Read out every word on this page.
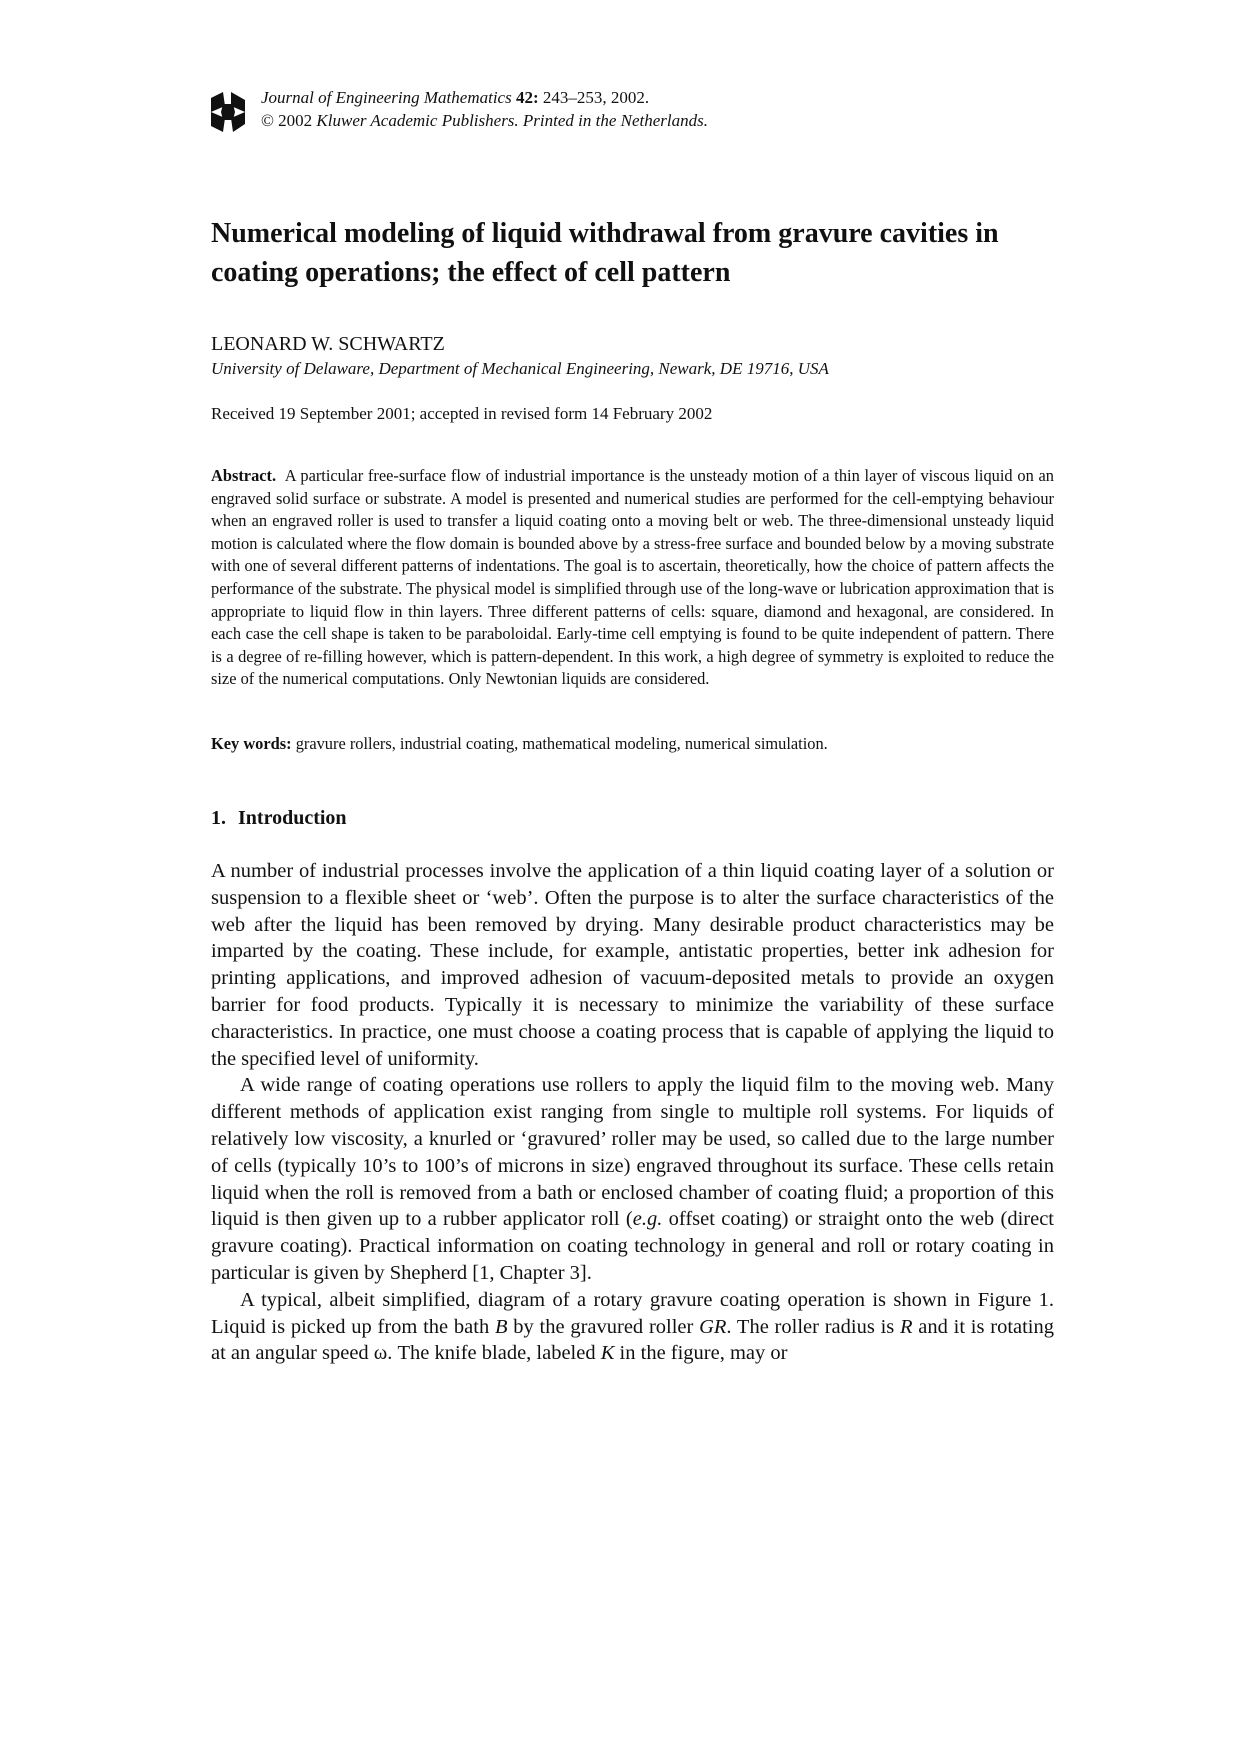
Journal of Engineering Mathematics 42: 243–253, 2002.
© 2002 Kluwer Academic Publishers. Printed in the Netherlands.
Numerical modeling of liquid withdrawal from gravure cavities in coating operations; the effect of cell pattern
LEONARD W. SCHWARTZ
University of Delaware, Department of Mechanical Engineering, Newark, DE 19716, USA
Received 19 September 2001; accepted in revised form 14 February 2002

Abstract. A particular free-surface flow of industrial importance is the unsteady motion of a thin layer of viscous liquid on an engraved solid surface or substrate. A model is presented and numerical studies are performed for the cell-emptying behaviour when an engraved roller is used to transfer a liquid coating onto a moving belt or web. The three-dimensional unsteady liquid motion is calculated where the flow domain is bounded above by a stress-free surface and bounded below by a moving substrate with one of several different patterns of indentations. The goal is to ascertain, theoretically, how the choice of pattern affects the performance of the substrate. The physical model is simplified through use of the long-wave or lubrication approximation that is appropriate to liquid flow in thin layers. Three different patterns of cells: square, diamond and hexagonal, are considered. In each case the cell shape is taken to be paraboloidal. Early-time cell emptying is found to be quite independent of pattern. There is a degree of re-filling however, which is pattern-dependent. In this work, a high degree of symmetry is exploited to reduce the size of the numerical computations. Only Newtonian liquids are considered.

Key words: gravure rollers, industrial coating, mathematical modeling, numerical simulation.
1. Introduction

A number of industrial processes involve the application of a thin liquid coating layer of a solution or suspension to a flexible sheet or ‘web’. Often the purpose is to alter the surface characteristics of the web after the liquid has been removed by drying. Many desirable product characteristics may be imparted by the coating. These include, for example, antistatic properties, better ink adhesion for printing applications, and improved adhesion of vacuum-deposited metals to provide an oxygen barrier for food products. Typically it is necessary to minimize the variability of these surface characteristics. In practice, one must choose a coating process that is capable of applying the liquid to the specified level of uniformity.

A wide range of coating operations use rollers to apply the liquid film to the moving web. Many different methods of application exist ranging from single to multiple roll systems. For liquids of relatively low viscosity, a knurled or ‘gravured’ roller may be used, so called due to the large number of cells (typically 10’s to 100’s of microns in size) engraved throughout its surface. These cells retain liquid when the roll is removed from a bath or enclosed chamber of coating fluid; a proportion of this liquid is then given up to a rubber applicator roll (e.g. offset coating) or straight onto the web (direct gravure coating). Practical information on coating technology in general and roll or rotary coating in particular is given by Shepherd [1, Chapter 3].

A typical, albeit simplified, diagram of a rotary gravure coating operation is shown in Figure 1. Liquid is picked up from the bath B by the gravured roller GR. The roller radius is R and it is rotating at an angular speed ω. The knife blade, labeled K in the figure, may or
